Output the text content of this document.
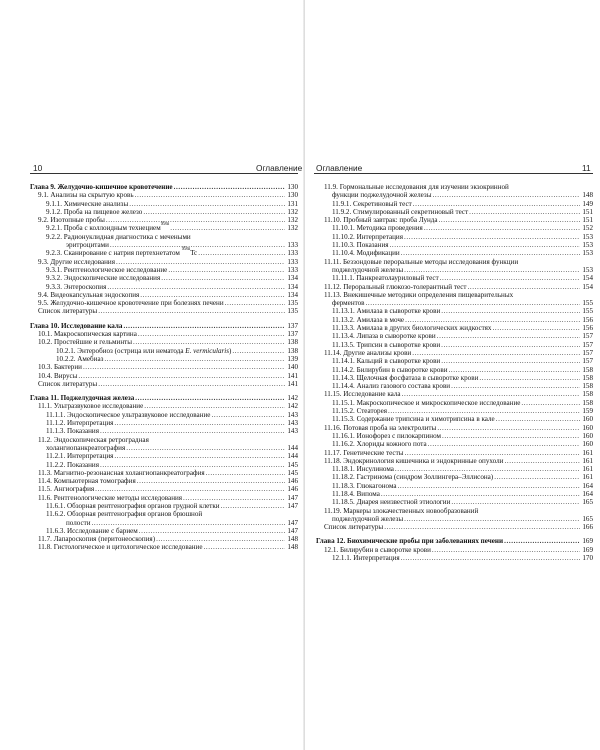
10	Оглавление
Глава 9. Желудочно-кишечное кровотечение .....	130
9.1. Анализы на скрытую кровь .....	130
9.1.1. Химические анализы .....	131
9.1.2. Проба на пищевое железо .....	132
9.2. Изотопные пробы .....	132
9.2.1. Проба с коллоидным технецием$^{99m}$ .....	132
9.2.2. Радионуклидная диагностика с мечеными
эритроцитами .....	133
9.2.3. Сканирование с натрия пертехнетатом $^{99m}$Tc .....	133
9.3. Другие исследования .....	133
9.3.1. Рентгенологическое исследование .....	133
9.3.2. Эндоскопические исследования .....	134
9.3.3. Энтероскопия .....	134
9.4. Видеокапсульная эндоскопия .....	134
9.5. Желудочно-кишечное кровотечение при болезнях печени .....	135
Список литературы .....	135
Глава 10. Исследование кала .....	137
10.1. Макроскопическая картина .....	137
10.2. Простейшие и гельминты .....	138
10.2.1. Энтеробиоз (острица или нематода E. vermicularis) .....	138
10.2.2. Амебиаз .....	139
10.3. Бактерии .....	140
10.4. Вирусы .....	141
Список литературы .....	141
Глава 11. Поджелудочная железа .....	142
11.1. Ультразвуковое исследование .....	142
11.1.1. Эндоскопическое ультразвуковое исследование .....	143
11.1.2. Интерпретация .....	143
11.1.3. Показания .....	143
11.2. Эндоскопическая ретроградная
холангиопанкреатография .....	144
11.2.1. Интерпретация .....	144
11.2.2. Показания .....	145
11.3. Магнитно-резонансная холангиопанкреатография .....	145
11.4. Компьютерная томография .....	146
11.5. Ангиография .....	146
11.6. Рентгенологические методы исследования .....	147
11.6.1. Обзорная рентгенография органов грудной клетки .....	147
11.6.2. Обзорная рентгенография органов брюшной
полости .....	147
11.6.3. Исследование с барием .....	147
11.7. Лапароскопия (перитонеоскопия) .....	148
11.8. Гистологическое и цитологическое исследование .....	148
Оглавление	11
11.9. Гормональные исследования для изучении экзокринной
функции поджелудочной железы .....	148
11.9.1. Секретиновый тест .....	149
11.9.2. Стимулированный секретиновый тест .....	151
11.10. Пробный завтрак: проба Лунда .....	151
11.10.1. Методика проведения .....	152
11.10.2. Интерпретация .....	153
11.10.3. Показания .....	153
11.10.4. Модификации .....	153
11.11. Беззондовые пероральные методы исследования функции
поджелудочной железы .....	153
11.11.1. Панкреатолауриловый тест .....	154
11.12. Пероральный глюкозо-толерантный тест .....	154
11.13. Внекишечные методики определения пищеварительных
ферментов .....	155
11.13.1. Амилаза в сыворотке крови .....	155
11.13.2. Амилаза в моче .....	156
11.13.3. Амилаза в других биологических жидкостях .....	156
11.13.4. Липаза в сыворотке крови .....	157
11.13.5. Трипсин в сыворотке крови .....	157
11.14. Другие анализы крови .....	157
11.14.1. Кальций в сыворотке крови .....	157
11.14.2. Билирубин в сыворотке крови .....	158
11.14.3. Щелочная фосфатаза в сыворотке крови .....	158
11.14.4. Анализ газового состава крови .....	158
11.15. Исследование кала .....	158
11.15.1. Макроскопическое и микроскопическое исследование .....	158
11.15.2. Стеаторея .....	159
11.15.3. Содержание трипсина и химотрипсина в кале .....	160
11.16. Потовая проба на электролиты .....	160
11.16.1. Ионофорез с пилокарпином .....	160
11.16.2. Хлориды кожного пота .....	160
11.17. Генетические тесты .....	161
11.18. Эндокринология кишечника и эндокринные опухоли .....	161
11.18.1. Инсулинома .....	161
11.18.2. Гастринома (синдром Золлингера–Эллисона) .....	161
11.18.3. Глюкагонома .....	164
11.18.4. Випома .....	164
11.18.5. Диарея неизвестной этиологии .....	165
11.19. Маркеры злокачественных новообразований
поджелудочной железы .....	165
Список литературы .....	166
Глава 12. Биохимические пробы при заболеваниях печени .....	169
12.1. Билирубин в сыворотке крови .....	169
12.1.1. Интерпретация .....	170
